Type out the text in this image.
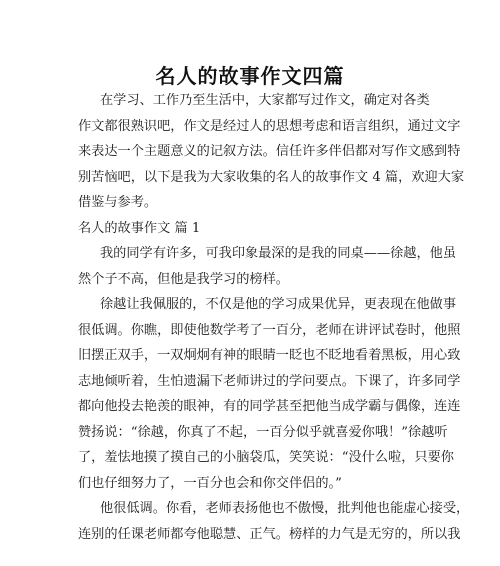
名人的故事作文四篇
在学习、工作乃至生活中，大家都写过作文，确定对各类
作文都很熟识吧，作文是经过人的思想考虑和语言组织，通过文字
来表达一个主题意义的记叙方法。信任许多伴侣都对写作文感到特
别苦恼吧，以下是我为大家收集的名人的故事作文 4 篇，欢迎大家
借鉴与参考。
名人的故事作文 篇 1
我的同学有许多，可我印象最深的是我的同桌——徐越，他虽
然个子不高，但他是我学习的榜样。
徐越让我佩服的，不仅是他的学习成果优异，更表现在他做事
很低调。你瞧，即使他数学考了一百分，老师在讲评试卷时，他照
旧摆正双手，一双炯炯有神的眼睛一眨也不眨地看着黑板，用心致
志地倾听着，生怕遗漏下老师讲过的学问要点。下课了，许多同学
都向他投去艳羡的眼神，有的同学甚至把他当成学霸与偶像，连连
赞扬说：“徐越，你真了不起，一百分似乎就喜爱你哦！”徐越听
了，羞怯地摸了摸自己的小脑袋瓜，笑笑说：“没什么啦，只要你
们也仔细努力了，一百分也会和你交伴侣的。”
他很低调。你看，老师表扬他也不傲慢，批判他也能虚心接受，
连别的任课老师都夸他聪慧、正气。榜样的力气是无穷的，所以我
